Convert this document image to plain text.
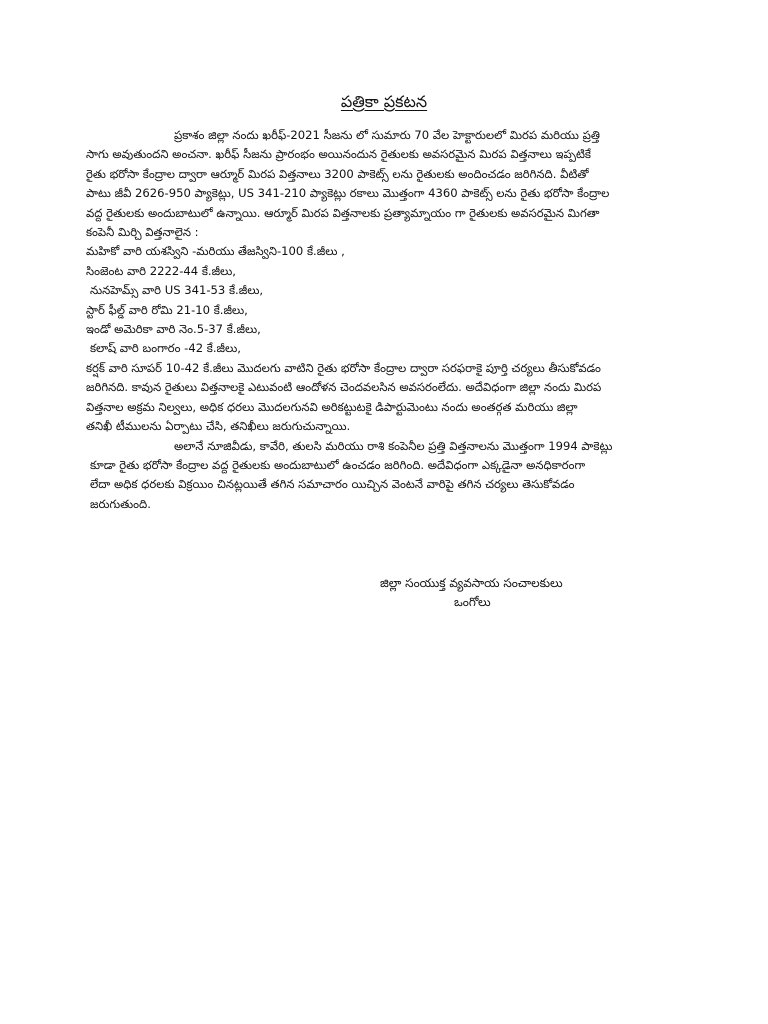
పత్రికా ప్రకటన
ప్రకాశం జిల్లా నందు ఖరీఫ్-2021 సీజను లో సుమారు 70 వేల హెక్టారులలో మిరప మరియు ప్రత్తి
సాగు అవుతుందని అంచనా. ఖరీఫ్ సీజను ప్రారంభం అయినందున రైతులకు అవసరమైన మిరప విత్తనాలు ఇప్పటికే
రైతు భరోసా కేంద్రాల ద్వారా ఆర్మూర్ మిరప విత్తనాలు 3200 పాకెట్స్ లను రైతులకు అందించడం జరిగినది. వీటితో
పాటు జీవీ 2626-950 ప్యాకెట్లు, US 341-210 ప్యాకెట్లు రకాలు మొత్తంగా 4360 పాకెట్స్ లను రైతు భరోసా కేంద్రాల
వద్ద రైతులకు అందుబాటులో ఉన్నాయి. ఆర్మూర్ మిరప విత్తనాలకు ప్రత్యామ్నాయం గా రైతులకు అవసరమైన మిగతా
కంపెనీ మిర్చి విత్తనాలైన :
మహికో వారి యశస్విని -మరియు తేజస్విని-100 కే.జీలు ,
సింజెంట వారి 2222-44 కే.జీలు,
నునహెమ్స్ వారి US 341-53 కే.జీలు,
స్టార్ ఫీల్డ్ వారి రోమి 21-10 కే.జీలు,
ఇండో అమెరికా వారి నెం.5-37 కే.జీలు,
కలాష్ వారి బంగారం -42 కే.జీలు,
కర్షక్ వారి సూపర్ 10-42 కే.జీలు మొదలగు వాటిని రైతు భరోసా కేంద్రాల ద్వారా సరఫరాకై పూర్తి చర్యలు తీసుకోవడం
జరిగినది. కావున రైతులు విత్తనాలకై ఎటువంటి ఆందోళన చెందవలసిన అవసరంలేదు. అదేవిధంగా జిల్లా నందు మిరప
విత్తనాల అక్రమ నిల్వలు, అధిక ధరలు మొదలగునవి అరికట్టుటకై డిపార్టుమెంటు నందు అంతర్గత మరియు జిల్లా
తనిఖీ టీములను ఏర్పాటు చేసి, తనిఖీలు జరుగుచున్నాయి.
అలానే నూజివీడు, కావేరి, తులసి మరియు రాశి కంపెనీల ప్రత్తి విత్తనాలను మొత్తంగా 1994 పాకెట్లు
కూడా రైతు భరోసా కేంద్రాల వద్ద రైతులకు అందుబాటులో ఉంచడం జరిగింది. అదేవిధంగా ఎక్కడైనా అనధికారంగా
లేదా అధిక ధరలకు విక్రయిం చినట్లయితే తగిన సమాచారం యిచ్చిన వెంటనే వారిపై తగిన చర్యలు తెసుకోవడం
జరుగుతుంది.
జిల్లా సంయుక్త వ్యవసాయ సంచాలకులు
ఒంగోలు
